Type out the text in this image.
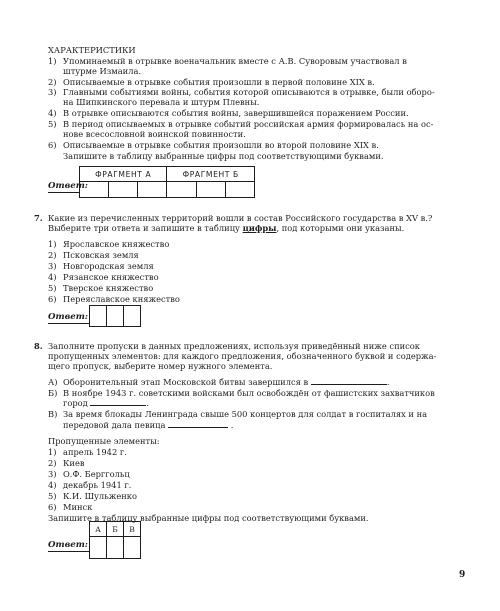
ХАРАКТЕРИСТИКИ
1) Упоминаемый в отрывке военачальник вместе с А.В. Суворовым участвовал в
штурме Измаила.
2) Описываемые в отрывке события произошли в первой половине XIX в.
3) Главными событиями войны, события которой описываются в отрывке, были оборо-
на Шипкинского перевала и штурм Плевны.
4) В отрывке описываются события войны, завершившейся поражением России.
5) В период описываемых в отрывке событий российская армия формировалась на ос-
нове всесословной воинской повинности.
6) Описываемые в отрывке события произошли во второй половине XIX в.
Запишите в таблицу выбранные цифры под соответствующими буквами.
Ответ:
ФРАГМЕНТ А			ФРАГМЕНТ Б		

7. Какие из перечисленных территорий вошли в состав Российского государства в XV в.?
Выберите три ответа и запишите в таблицу цифры, под которыми они указаны.
1) Ярославское княжество
2) Псковская земля
3) Новгородская земля
4) Рязанское княжество
5) Тверское княжество
6) Переяславское княжество
Ответ:

8. Заполните пропуски в данных предложениях, используя приведённый ниже список
пропущенных элементов: для каждого предложения, обозначенного буквой и содержа-
щего пропуск, выберите номер нужного элемента.
А) Оборонительный этап Московской битвы завершился в	.
Б) В ноябре 1943 г. советскими войсками был освобождён от фашистских захватчиков
город	.
В) За время блокады Ленинграда свыше 500 концертов для солдат в госпиталях и на
передовой дала певица	.
Пропущенные элементы:
1) апрель 1942 г.
2) Киев
3) О.Ф. Берггольц
4) декабрь 1941 г.
5) К.И. Шульженко
6) Минск
Запишите в таблицу выбранные цифры под соответствующими буквами.
Ответ:
А	Б	В

9
